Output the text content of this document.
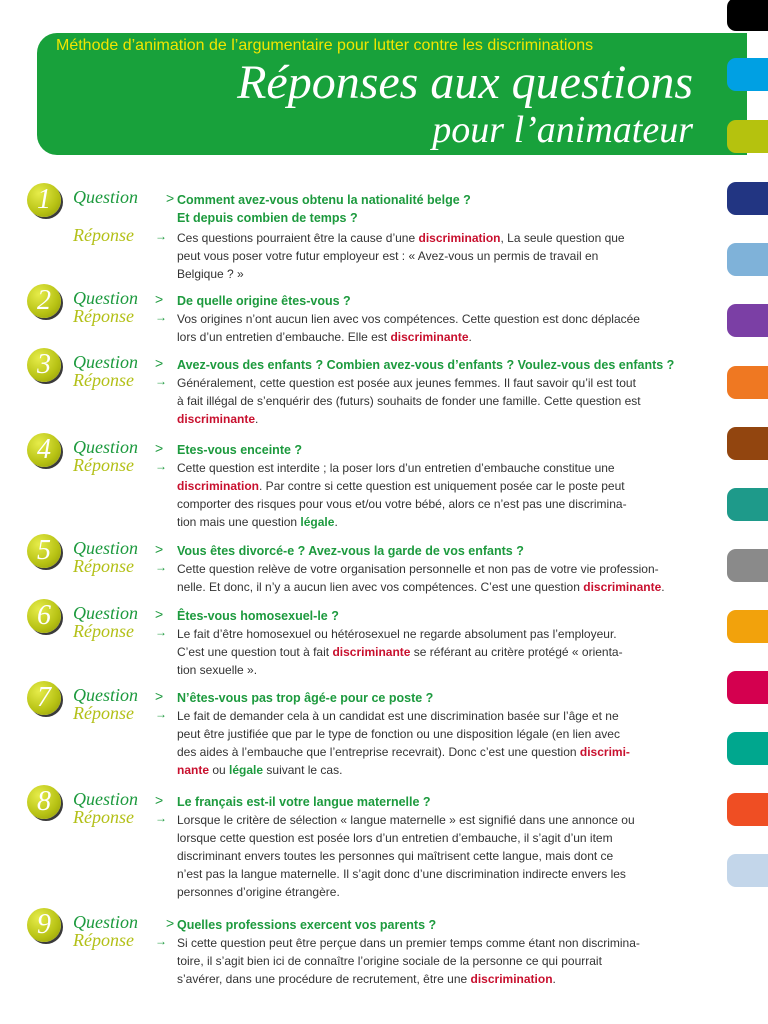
Méthode d’animation de l’argumentaire pour lutter contre les discriminations
Réponses aux questions
pour l’animateur
1	Question > Comment avez-vous obtenu la nationalité belge ?
Et depuis combien de temps ?
Réponse → Ces questions pourraient être la cause d’une discrimination, La seule question que
peut vous poser votre futur employeur est : « Avez-vous un permis de travail en
Belgique ? »
2	Question > De quelle origine êtes-vous ?
Réponse → Vos origines n’ont aucun lien avec vos compétences. Cette question est donc déplacée
lors d’un entretien d’embauche. Elle est discriminante.
3	Question > Avez-vous des enfants ? Combien avez-vous d’enfants ? Voulez-vous des enfants ?
Réponse → Généralement, cette question est posée aux jeunes femmes. Il faut savoir qu’il est tout
à fait illégal de s’enquérir des (futurs) souhaits de fonder une famille. Cette question est
discriminante.
4	Question > Etes-vous enceinte ?
Réponse → Cette question est interdite ; la poser lors d’un entretien d’embauche constitue une
discrimination. Par contre si cette question est uniquement posée car le poste peut
comporter des risques pour vous et/ou votre bébé, alors ce n’est pas une discrimina-
tion mais une question légale.
5	Question > Vous êtes divorcé-e ? Avez-vous la garde de vos enfants ?
Réponse → Cette question relève de votre organisation personnelle et non pas de votre vie profession-
nelle. Et donc, il n’y a aucun lien avec vos compétences. C’est une question discriminante.
6	Question > Êtes-vous homosexuel-le ?
Réponse → Le fait d’être homosexuel ou hétérosexuel ne regarde absolument pas l’employeur.
C’est une question tout à fait discriminante se référant au critère protégé « orienta-
tion sexuelle ».
7	Question > N’êtes-vous pas trop âgé-e pour ce poste ?
Réponse → Le fait de demander cela à un candidat est une discrimination basée sur l’âge et ne
peut être justifiée que par le type de fonction ou une disposition légale (en lien avec
des aides à l’embauche que l’entreprise recevrait). Donc c’est une question discrimi-
nante ou légale suivant le cas.
8	Question > Le français est-il votre langue maternelle ?
Réponse → Lorsque le critère de sélection « langue maternelle » est signifié dans une annonce ou
lorsque cette question est posée lors d’un entretien d’embauche, il s’agit d’un item
discriminant envers toutes les personnes qui maîtrisent cette langue, mais dont ce
n’est pas la langue maternelle. Il s’agit donc d’une discrimination indirecte envers les
personnes d’origine étrangère.
9	Question > Quelles professions exercent vos parents ?
Réponse → Si cette question peut être perçue dans un premier temps comme étant non discrimina-
toire, il s’agit bien ici de connaître l’origine sociale de la personne ce qui pourrait
s’avérer, dans une procédure de recrutement, être une discrimination.
